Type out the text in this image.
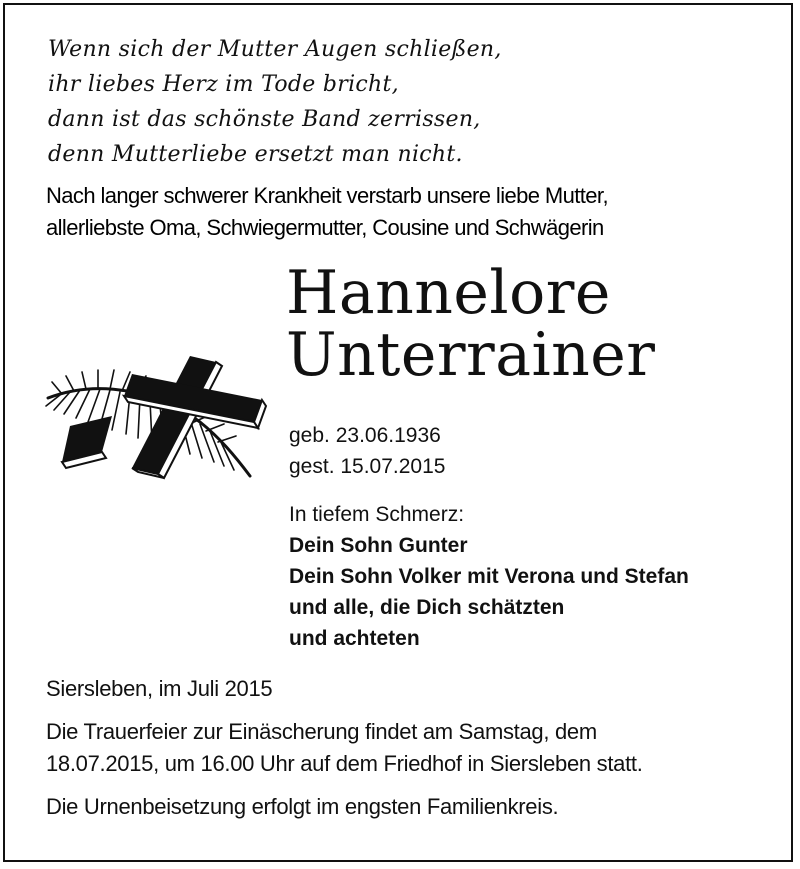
Wenn sich der Mutter Augen schließen,
ihr liebes Herz im Tode bricht,
dann ist das schönste Band zerrissen,
denn Mutterliebe ersetzt man nicht.
Nach langer schwerer Krankheit verstarb unsere liebe Mutter,
allerliebste Oma, Schwiegermutter, Cousine und Schwägerin
Hannelore
Unterrainer
geb. 23.06.1936
gest. 15.07.2015
In tiefem Schmerz:
Dein Sohn Gunter
Dein Sohn Volker mit Verona und Stefan
und alle, die Dich schätzten
und achteten
Siersleben, im Juli 2015
Die Trauerfeier zur Einäscherung findet am Samstag, dem
18.07.2015, um 16.00 Uhr auf dem Friedhof in Siersleben statt.
Die Urnenbeisetzung erfolgt im engsten Familienkreis.
